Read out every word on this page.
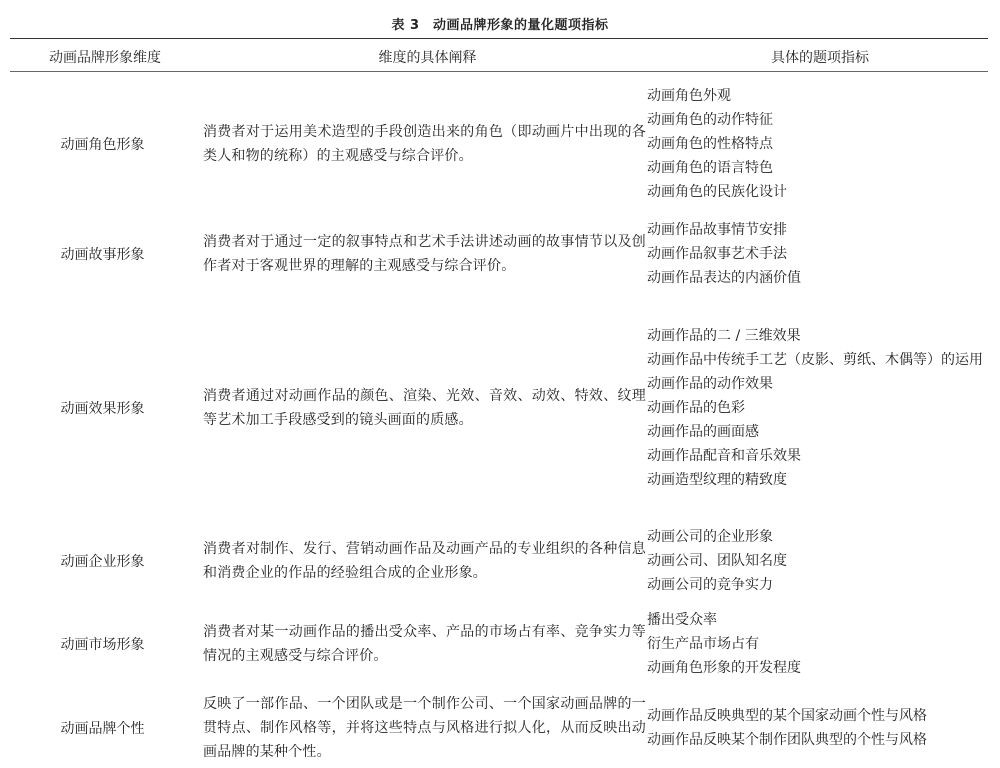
表 3　动画品牌形象的量化题项指标
动画品牌形象维度	维度的具体阐释	具体的题项指标
动画角色形象
消费者对于运用美术造型的手段创造出来的角色（即动画片中出现的各类人和物的统称）的主观感受与综合评价。
动画角色外观
动画角色的动作特征
动画角色的性格特点
动画角色的语言特色
动画角色的民族化设计
动画故事形象
消费者对于通过一定的叙事特点和艺术手法讲述动画的故事情节以及创作者对于客观世界的理解的主观感受与综合评价。
动画作品故事情节安排
动画作品叙事艺术手法
动画作品表达的内涵价值
动画效果形象
消费者通过对动画作品的颜色、渲染、光效、音效、动效、特效、纹理等艺术加工手段感受到的镜头画面的质感。
动画作品的二 / 三维效果
动画作品中传统手工艺（皮影、剪纸、木偶等）的运用
动画作品的动作效果
动画作品的色彩
动画作品的画面感
动画作品配音和音乐效果
动画造型纹理的精致度
动画企业形象
消费者对制作、发行、营销动画作品及动画产品的专业组织的各种信息和消费企业的作品的经验组合成的企业形象。
动画公司的企业形象
动画公司、团队知名度
动画公司的竞争实力
动画市场形象
消费者对某一动画作品的播出受众率、产品的市场占有率、竞争实力等情况的主观感受与综合评价。
播出受众率
衍生产品市场占有
动画角色形象的开发程度
动画品牌个性
反映了一部作品、一个团队或是一个制作公司、一个国家动画品牌的一贯特点、制作风格等，并将这些特点与风格进行拟人化，从而反映出动画品牌的某种个性。
动画作品反映典型的某个国家动画个性与风格
动画作品反映某个制作团队典型的个性与风格
